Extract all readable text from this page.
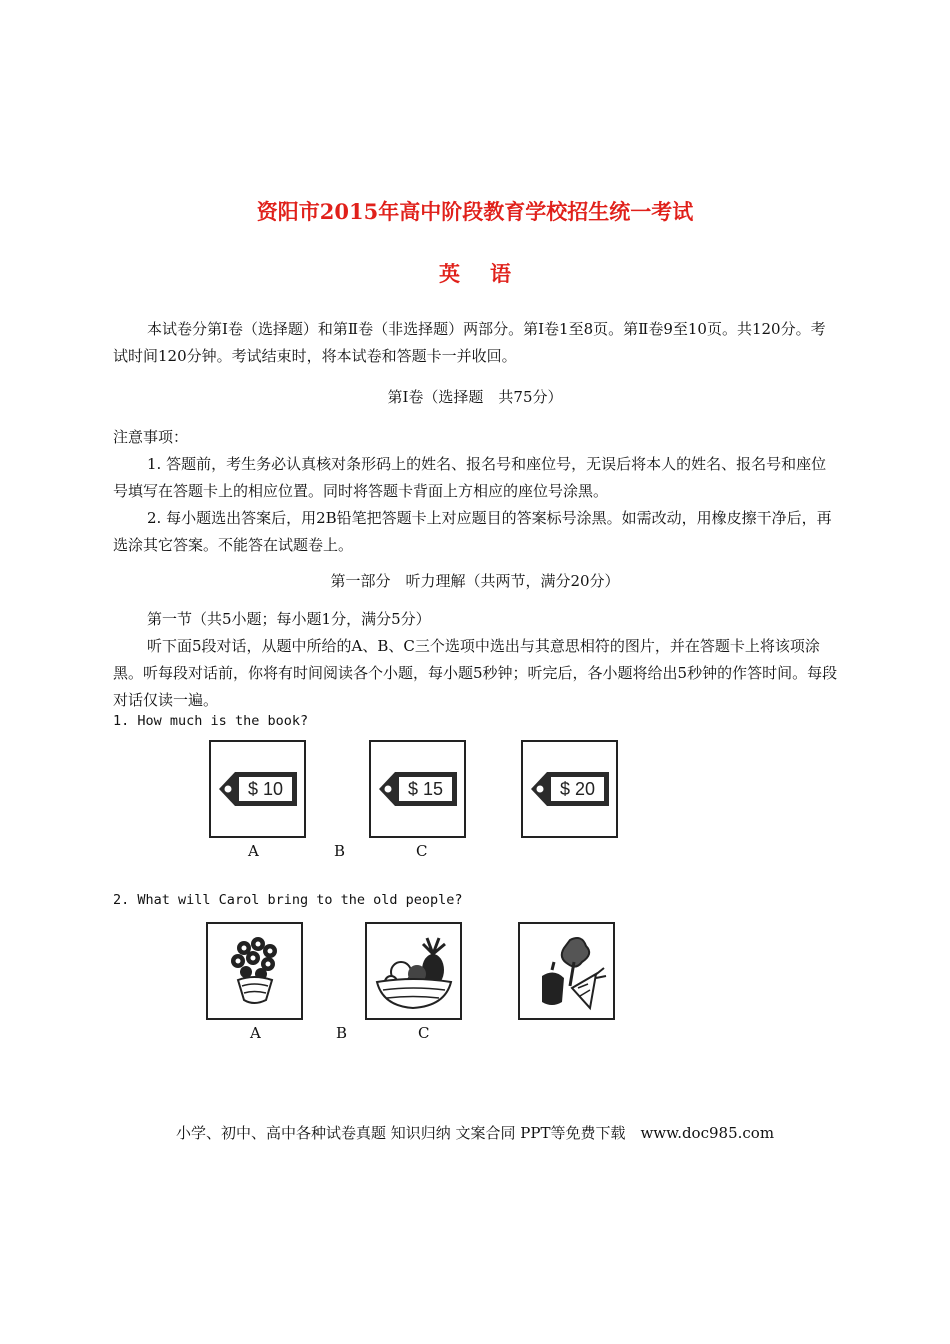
资阳市2015年高中阶段教育学校招生统一考试
英语
本试卷分第Ⅰ卷（选择题）和第Ⅱ卷（非选择题）两部分。第Ⅰ卷1至8页。第Ⅱ卷9至10页。共120分。考试时间120分钟。考试结束时，将本试卷和答题卡一并收回。
第Ⅰ卷（选择题　共75分）
注意事项：
1. 答题前，考生务必认真核对条形码上的姓名、报名号和座位号，无误后将本人的姓名、报名号和座位号填写在答题卡上的相应位置。同时将答题卡背面上方相应的座位号涂黑。
2. 每小题选出答案后，用2B铅笔把答题卡上对应题目的答案标号涂黑。如需改动，用橡皮擦干净后，再选涂其它答案。不能答在试题卷上。
第一部分　听力理解（共两节，满分20分）
第一节（共5小题；每小题1分，满分5分）
听下面5段对话，从题中所给的A、B、C三个选项中选出与其意思相符的图片，并在答题卡上将该项涂黑。听每段对话前，你将有时间阅读各个小题，每小题5秒钟；听完后，各小题将给出5秒钟的作答时间。每段对话仅读一遍。
1. How much is the book?
$ 10	$ 15	$ 20
A	B	C
2. What will Carol bring to the old people?
A	B	C
小学、初中、高中各种试卷真题 知识归纳 文案合同 PPT等免费下载　www.doc985.com
